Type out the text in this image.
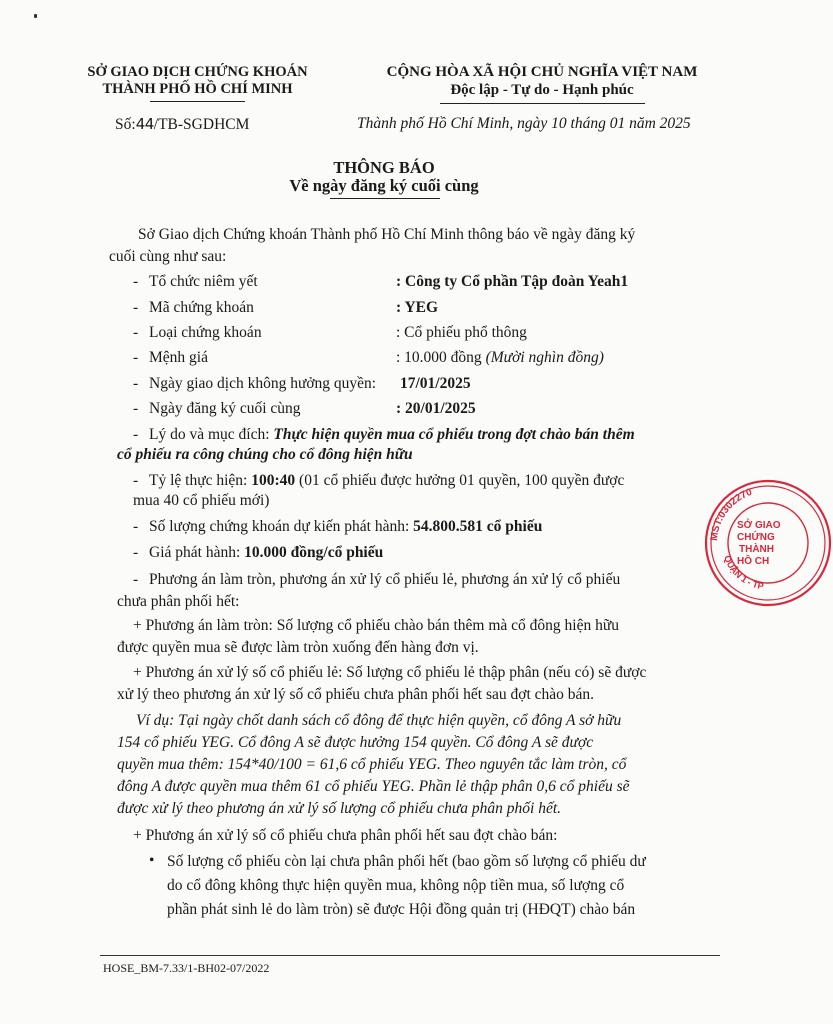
SỞ GIAO DỊCH CHỨNG KHOÁN
THÀNH PHỐ HỒ CHÍ MINH
CỘNG HÒA XÃ HỘI CHỦ NGHĨA VIỆT NAM
Độc lập - Tự do - Hạnh phúc
Số:44/TB-SGDHCM	Thành phố Hồ Chí Minh, ngày 10 tháng 01 năm 2025
THÔNG BÁO
Về ngày đăng ký cuối cùng
Sở Giao dịch Chứng khoán Thành phố Hồ Chí Minh thông báo về ngày đăng ký
cuối cùng như sau:
- Tổ chức niêm yết	: Công ty Cổ phần Tập đoàn Yeah1
- Mã chứng khoán	: YEG
- Loại chứng khoán	: Cổ phiếu phổ thông
- Mệnh giá	: 10.000 đồng (Mười nghìn đồng)
- Ngày giao dịch không hưởng quyền: 17/01/2025
- Ngày đăng ký cuối cùng	: 20/01/2025
- Lý do và mục đích: Thực hiện quyền mua cổ phiếu trong đợt chào bán thêm
cổ phiếu ra công chúng cho cổ đông hiện hữu
- Tỷ lệ thực hiện: 100:40 (01 cổ phiếu được hưởng 01 quyền, 100 quyền được
mua 40 cổ phiếu mới)
- Số lượng chứng khoán dự kiến phát hành: 54.800.581 cổ phiếu
- Giá phát hành: 10.000 đồng/cổ phiếu
- Phương án làm tròn, phương án xử lý cổ phiếu lẻ, phương án xử lý cổ phiếu
chưa phân phối hết:
+ Phương án làm tròn: Số lượng cổ phiếu chào bán thêm mà cổ đông hiện hữu
được quyền mua sẽ được làm tròn xuống đến hàng đơn vị.
+ Phương án xử lý số cổ phiếu lẻ: Số lượng cổ phiếu lẻ thập phân (nếu có) sẽ được
xử lý theo phương án xử lý số cổ phiếu chưa phân phối hết sau đợt chào bán.
Ví dụ: Tại ngày chốt danh sách cổ đông để thực hiện quyền, cổ đông A sở hữu
154 cổ phiếu YEG. Cổ đông A sẽ được hưởng 154 quyền. Cổ đông A sẽ được
quyền mua thêm: 154*40/100 = 61,6 cổ phiếu YEG. Theo nguyên tắc làm tròn, cổ
đông A được quyền mua thêm 61 cổ phiếu YEG. Phần lẻ thập phân 0,6 cổ phiếu sẽ
được xử lý theo phương án xử lý số lượng cổ phiếu chưa phân phối hết.
+ Phương án xử lý số cổ phiếu chưa phân phối hết sau đợt chào bán:
• Số lượng cổ phiếu còn lại chưa phân phối hết (bao gồm số lượng cổ phiếu dư
do cổ đông không thực hiện quyền mua, không nộp tiền mua, số lượng cổ
phần phát sinh lẻ do làm tròn) sẽ được Hội đồng quản trị (HĐQT) chào bán
MST:0302270
QUẬN 1 - TP
SỞ GIAO
CHỨNG
THÀNH
HỒ CH
HOSE_BM-7.33/1-BH02-07/2022
